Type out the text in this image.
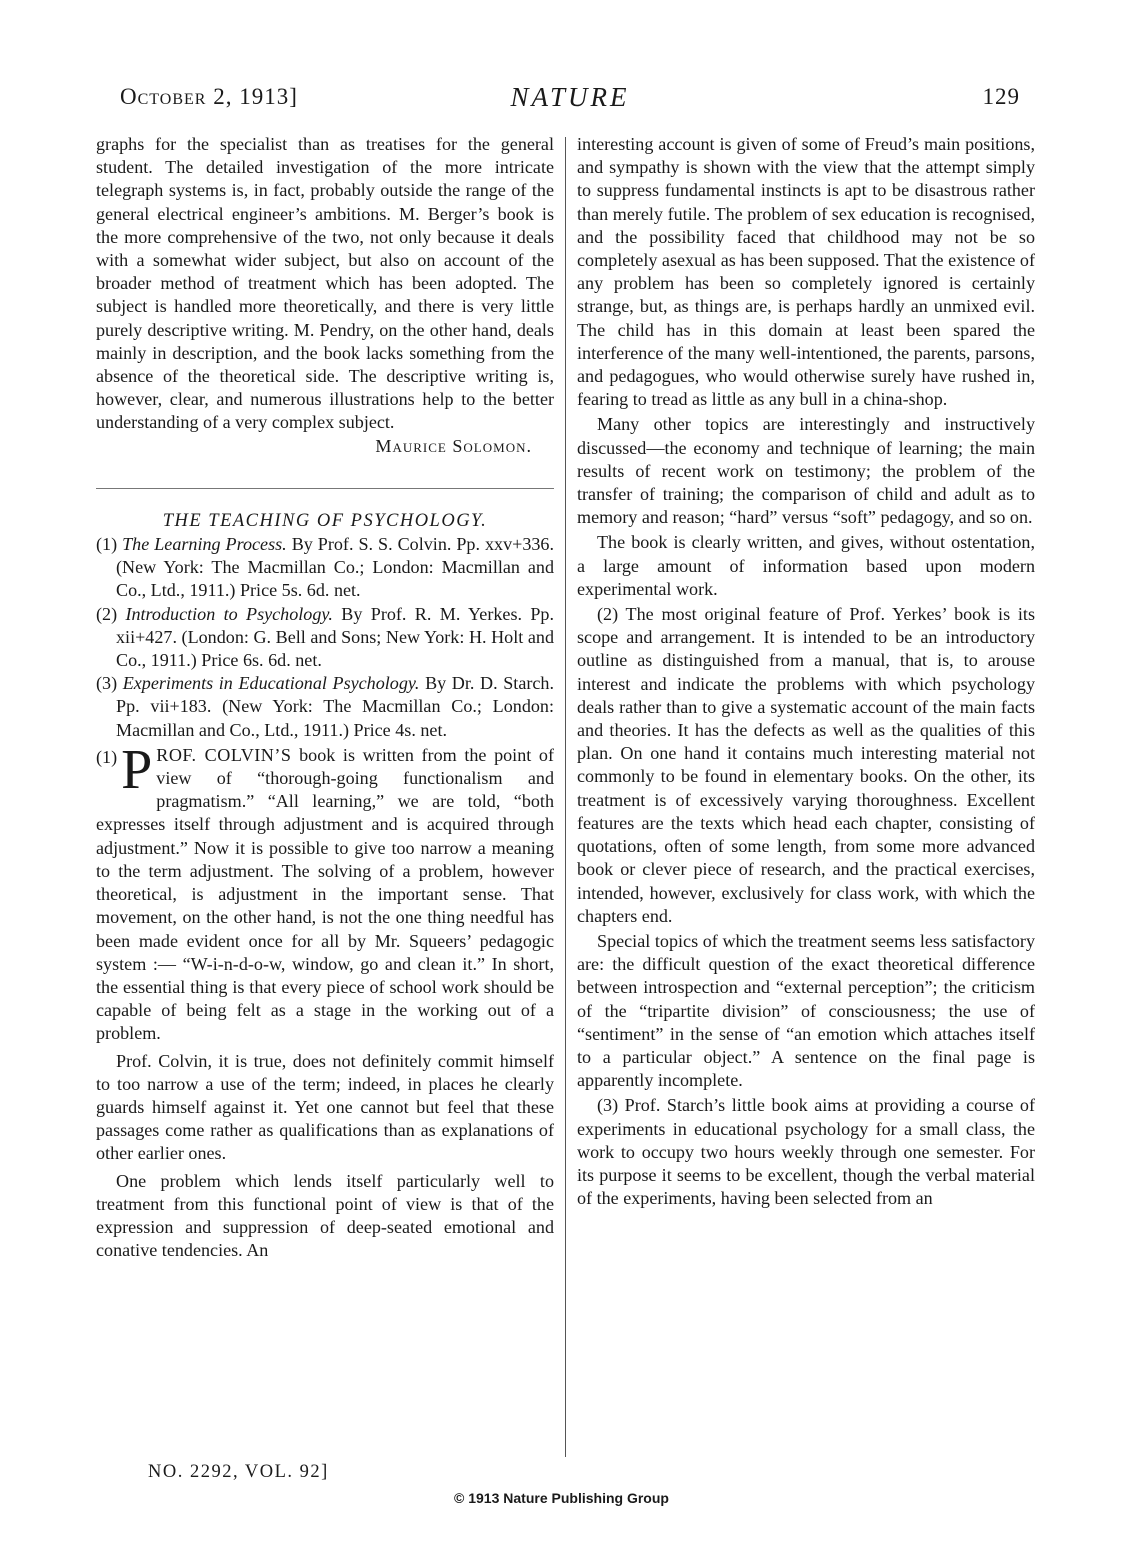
October 2, 1913]	NATURE	129

graphs for the specialist than as treatises for the general student. The detailed investigation of the more intricate telegraph systems is, in fact, probably outside the range of the general electrical engineer’s ambitions. M. Berger’s book is the more comprehensive of the two, not only because it deals with a somewhat wider subject, but also on account of the broader method of treatment which has been adopted. The subject is handled more theoretically, and there is very little purely descriptive writing. M. Pendry, on the other hand, deals mainly in description, and the book lacks something from the absence of the theoretical side. The descriptive writing is, however, clear, and numerous illustrations help to the better understanding of a very complex subject.

Maurice Solomon.

THE TEACHING OF PSYCHOLOGY.

(1) The Learning Process. By Prof. S. S. Colvin. Pp. xxv+336. (New York: The Macmillan Co.; London: Macmillan and Co., Ltd., 1911.) Price 5s. 6d. net.

(2) Introduction to Psychology. By Prof. R. M. Yerkes. Pp. xii+427. (London: G. Bell and Sons; New York: H. Holt and Co., 1911.) Price 6s. 6d. net.

(3) Experiments in Educational Psychology. By Dr. D. Starch. Pp. vii+183. (New York: The Macmillan Co.; London: Macmillan and Co., Ltd., 1911.) Price 4s. net.

(1) P ROF. COLVIN’S book is written from the point of view of “thorough-going functionalism and pragmatism.” “All learning,” we are told, “both expresses itself through adjustment and is acquired through adjustment.” Now it is possible to give too narrow a meaning to the term adjustment. The solving of a problem, however theoretical, is adjustment in the important sense. That movement, on the other hand, is not the one thing needful has been made evident once for all by Mr. Squeers’ pedagogic system :— “W-i-n-d-o-w, window, go and clean it.” In short, the essential thing is that every piece of school work should be capable of being felt as a stage in the working out of a problem.

Prof. Colvin, it is true, does not definitely commit himself to too narrow a use of the term; indeed, in places he clearly guards himself against it. Yet one cannot but feel that these passages come rather as qualifications than as explanations of other earlier ones.

One problem which lends itself particularly well to treatment from this functional point of view is that of the expression and suppression of deep-seated emotional and conative tendencies. An

interesting account is given of some of Freud’s main positions, and sympathy is shown with the view that the attempt simply to suppress fundamental instincts is apt to be disastrous rather than merely futile. The problem of sex education is recognised, and the possibility faced that childhood may not be so completely asexual as has been supposed. That the existence of any problem has been so completely ignored is certainly strange, but, as things are, is perhaps hardly an unmixed evil. The child has in this domain at least been spared the interference of the many well-intentioned, the parents, parsons, and pedagogues, who would otherwise surely have rushed in, fearing to tread as little as any bull in a china-shop.

Many other topics are interestingly and instructively discussed—the economy and technique of learning; the main results of recent work on testimony; the problem of the transfer of training; the comparison of child and adult as to memory and reason; “hard” versus “soft” pedagogy, and so on.

The book is clearly written, and gives, without ostentation, a large amount of information based upon modern experimental work.

(2) The most original feature of Prof. Yerkes’ book is its scope and arrangement. It is intended to be an introductory outline as distinguished from a manual, that is, to arouse interest and indicate the problems with which psychology deals rather than to give a systematic account of the main facts and theories. It has the defects as well as the qualities of this plan. On one hand it contains much interesting material not commonly to be found in elementary books. On the other, its treatment is of excessively varying thoroughness. Excellent features are the texts which head each chapter, consisting of quotations, often of some length, from some more advanced book or clever piece of research, and the practical exercises, intended, however, exclusively for class work, with which the chapters end.

Special topics of which the treatment seems less satisfactory are: the difficult question of the exact theoretical difference between introspection and “external perception”; the criticism of the “tripartite division” of consciousness; the use of “sentiment” in the sense of “an emotion which attaches itself to a particular object.” A sentence on the final page is apparently incomplete.

(3) Prof. Starch’s little book aims at providing a course of experiments in educational psychology for a small class, the work to occupy two hours weekly through one semester. For its purpose it seems to be excellent, though the verbal material of the experiments, having been selected from an

NO. 2292, VOL. 92]
© 1913 Nature Publishing Group
